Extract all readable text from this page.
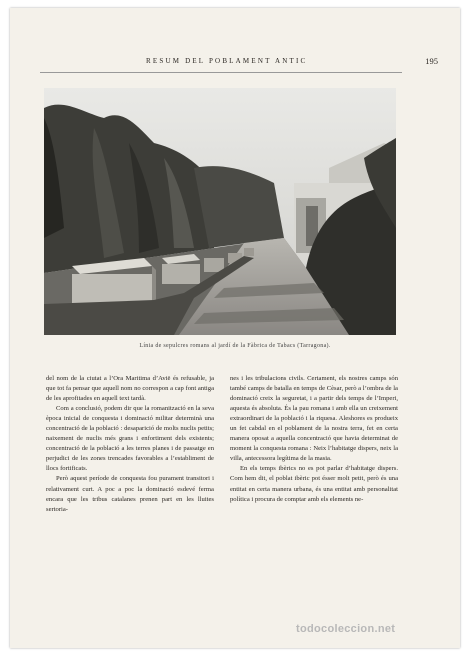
RESUM DEL POBLAMENT ANTIC	195
Línia de sepulcres romans al jardí de la Fàbrica de Tabacs (Tarragona).

del nom de la ciutat a l’Ora Maritima d’Avië és refusable, ja que tot fa pensar que aquell nom no correspon a cap font antiga de les aprofitades en aquell text tardà.

Com a conclusió, podem dir que la romanització en la seva època inicial de conquesta i dominació militar determinà una concentració de la població : desaparició de molts nuclis petits; naixement de nuclis més grans i enfortiment dels existents; concentració de la població a les terres planes i de passatge en perjudici de les zones trencades favorables a l’establiment de llocs fortificats.

Però aquest període de conquesta fou purament transitori i relativament curt. A poc a poc la dominació esdevé ferma encara que les tribus catalanes prenen part en les lluites sertoria-

nes i les tribulacions civils. Certament, els nostres camps són també camps de batalla en temps de Cèsar, però a l’ombra de la dominació creix la seguretat, i a partir dels temps de l’Imperi, aquesta és absoluta. És la pau romana i amb ella un creixement extraordinari de la població i la riquesa. Aleshores es produeix un fet cabdal en el poblament de la nostra terra, fet en certa manera oposat a aquella concentració que havia determinat de moment la conquesta romana : Neix l’habitatge dispers, neix la villa, antecessora legítima de la masia.

En els temps ibèrics no es pot parlar d’habitatge dispers. Com hem dit, el poblat ibèric pot ésser molt petit, però és una entitat en certa manera urbana, és una entitat amb personalitat política i procura de comptar amb els elements ne-

todocoleccion.net
